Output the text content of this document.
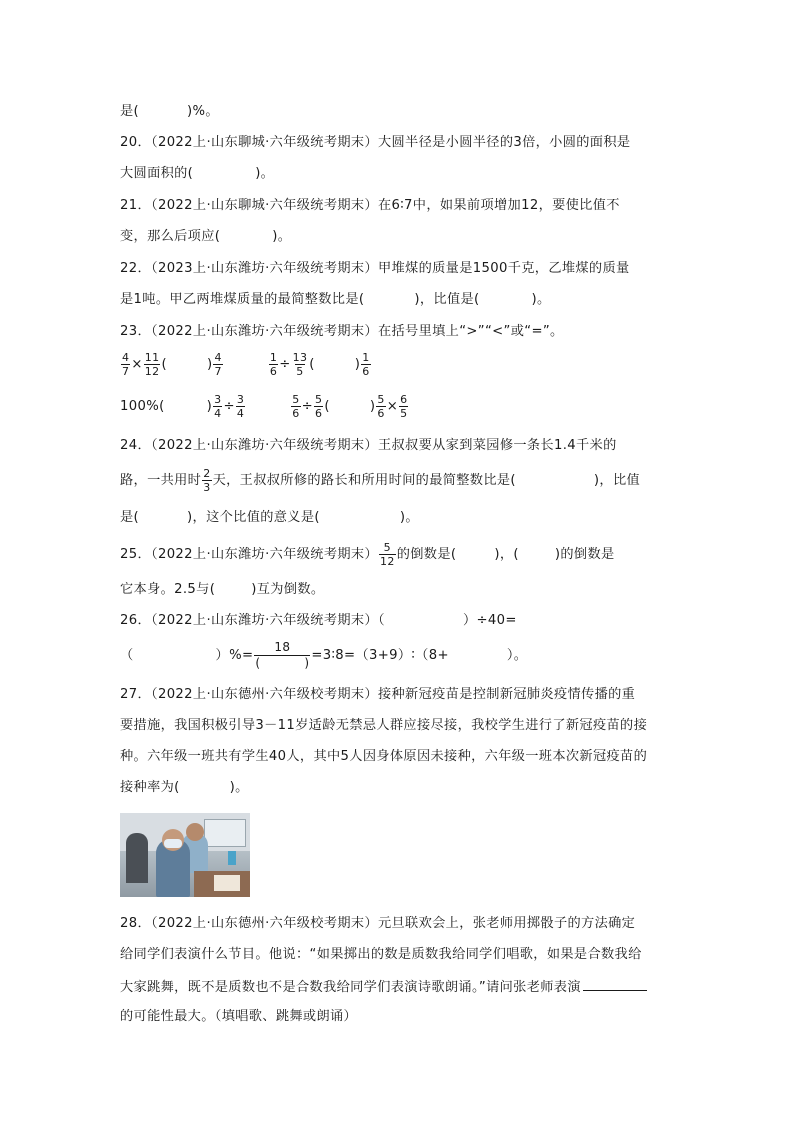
是(	)%。
20．（2022上·山东聊城·六年级统考期末）大圆半径是小圆半径的3倍，小圆的面积是
大圆面积的(	)。
21．（2022上·山东聊城·六年级统考期末）在6∶7中，如果前项增加12，要使比值不
变，那么后项应(	)。
22．（2023上·山东潍坊·六年级统考期末）甲堆煤的质量是1500千克，乙堆煤的质量
是1吨。甲乙两堆煤质量的最简整数比是(	)，比值是(	)。
23．（2022上·山东潍坊·六年级统考期末）在括号里填上“>”“<”或“=”。
$\frac{4}{7} \times \frac{11}{12}$ (	) $\frac{4}{7}$	$\frac{1}{6} \div \frac{13}{5}$ (	) $\frac{1}{6}$
100%(	) $\frac{3}{4} \div \frac{3}{4}$	$\frac{5}{6} \div \frac{5}{6}$ (	) $\frac{5}{6} \times \frac{6}{5}$
24．（2022上·山东潍坊·六年级统考期末）王叔叔要从家到菜园修一条长1.4千米的
路，一共用时 $\frac{2}{3}$ 天，王叔叔所修的路长和所用时间的最简整数比是(	)，比值
是(	)，这个比值的意义是(	)。
25．（2022上·山东潍坊·六年级统考期末） $\frac{5}{12}$ 的倒数是(	)，(	)的倒数是
它本身。2.5与(	)互为倒数。
26．（2022上·山东潍坊·六年级统考期末）（	）÷40=
（	）%= 18
(	) =3∶8=（3+9）∶（8+	）。
27．（2022上·山东德州·六年级校考期末）接种新冠疫苗是控制新冠肺炎疫情传播的重
要措施，我国积极引导3－11岁适龄无禁忌人群应接尽接，我校学生进行了新冠疫苗的接
种。六年级一班共有学生40人，其中5人因身体原因未接种，六年级一班本次新冠疫苗的
接种率为(	)。
28．（2022上·山东德州·六年级校考期末）元旦联欢会上，张老师用掷骰子的方法确定
给同学们表演什么节目。他说：“如果掷出的数是质数我给同学们唱歌，如果是合数我给
大家跳舞，既不是质数也不是合数我给同学们表演诗歌朗诵。”请问张老师表演
的可能性最大。（填唱歌、跳舞或朗诵）
